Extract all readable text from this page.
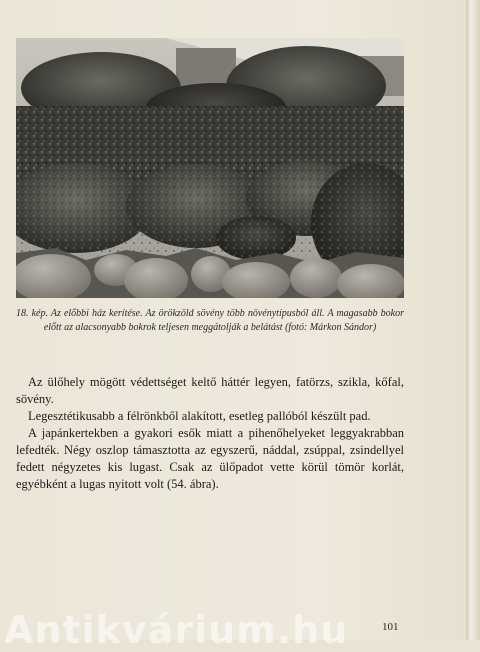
18. kép. Az előbbi ház kerítése. Az örökzöld sövény több növénytípusból áll. A magasabb bokor előtt az alacsonyabb bokrok teljesen meggátolják a belátást (fotó: Márkon Sándor)

Az ülőhely mögött védettséget keltő háttér legyen, fatörzs, szikla, kőfal, sövény.

Legesztétikusabb a félrönkből alakított, esetleg pallóból készült pad.

A japánkertekben a gyakori esők miatt a pihenőhelyeket leggyakrabban lefedték. Négy oszlop támasztotta az egyszerű, náddal, zsúppal, zsindellyel fedett négyzetes kis lugast. Csak az ülőpadot vette körül tömör korlát, egyébként a lugas nyitott volt (54. ábra).

101
Antikvárium.hu
